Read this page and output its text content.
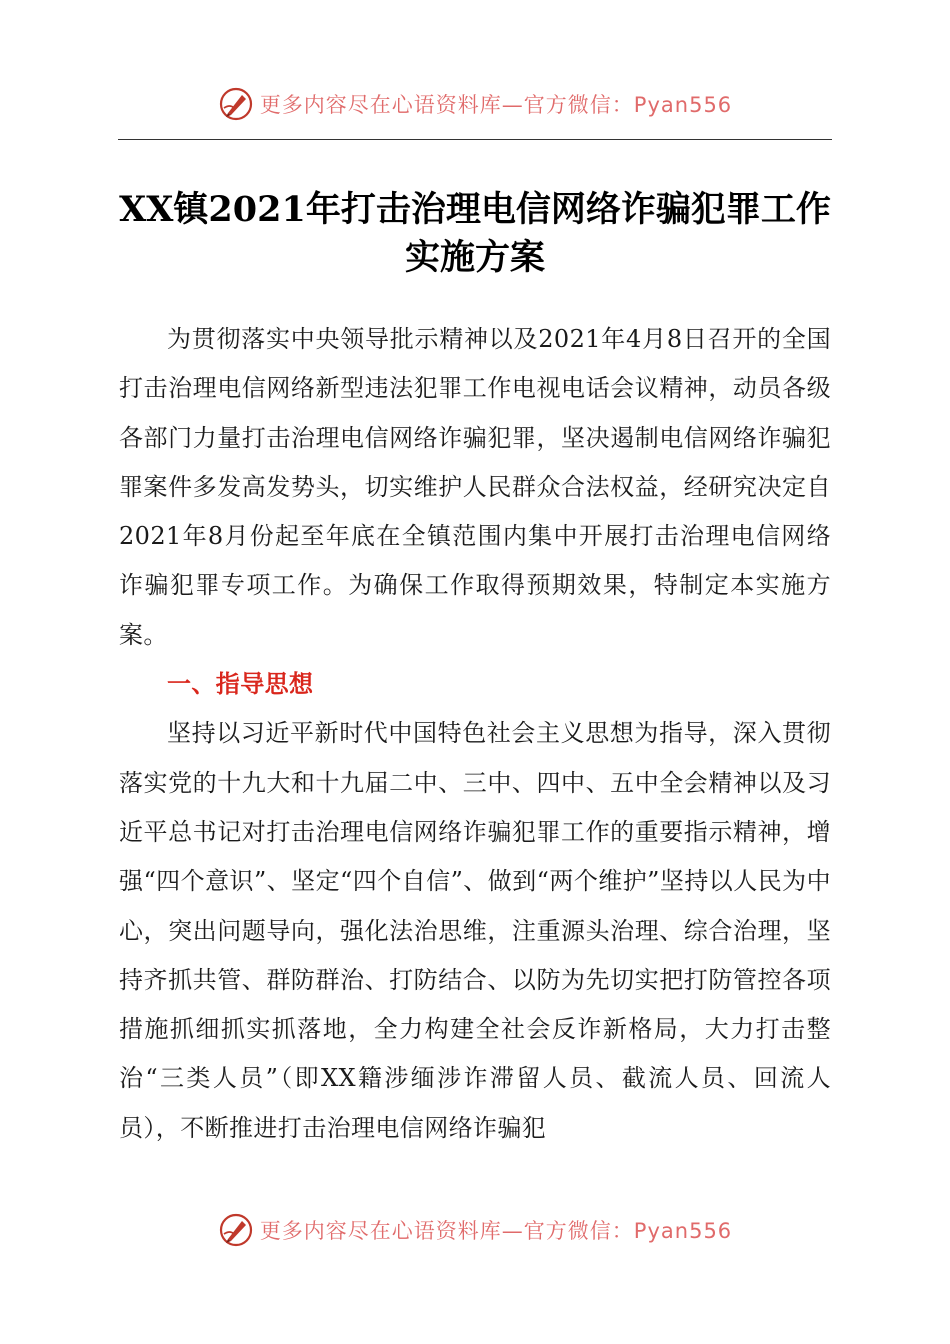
更多内容尽在心语资料库—官方微信：Pyan556
XX镇2021年打击治理电信网络诈骗犯罪工作
实施方案

为贯彻落实中央领导批示精神以及2021年4月8日召开的全国打击治理电信网络新型违法犯罪工作电视电话会议精神，动员各级各部门力量打击治理电信网络诈骗犯罪，坚决遏制电信网络诈骗犯罪案件多发高发势头，切实维护人民群众合法权益，经研究决定自2021年8月份起至年底在全镇范围内集中开展打击治理电信网络诈骗犯罪专项工作。为确保工作取得预期效果，特制定本实施方案。

一、指导思想

坚持以习近平新时代中国特色社会主义思想为指导，深入贯彻落实党的十九大和十九届二中、三中、四中、五中全会精神以及习近平总书记对打击治理电信网络诈骗犯罪工作的重要指示精神，增强“四个意识”、坚定“四个自信”、做到“两个维护”坚持以人民为中心，突出问题导向，强化法治思维，注重源头治理、综合治理，坚持齐抓共管、群防群治、打防结合、以防为先切实把打防管控各项措施抓细抓实抓落地，全力构建全社会反诈新格局，大力打击整治“三类人员”（即XX籍涉缅涉诈滞留人员、截流人员、回流人员），不断推进打击治理电信网络诈骗犯

更多内容尽在心语资料库—官方微信：Pyan556
